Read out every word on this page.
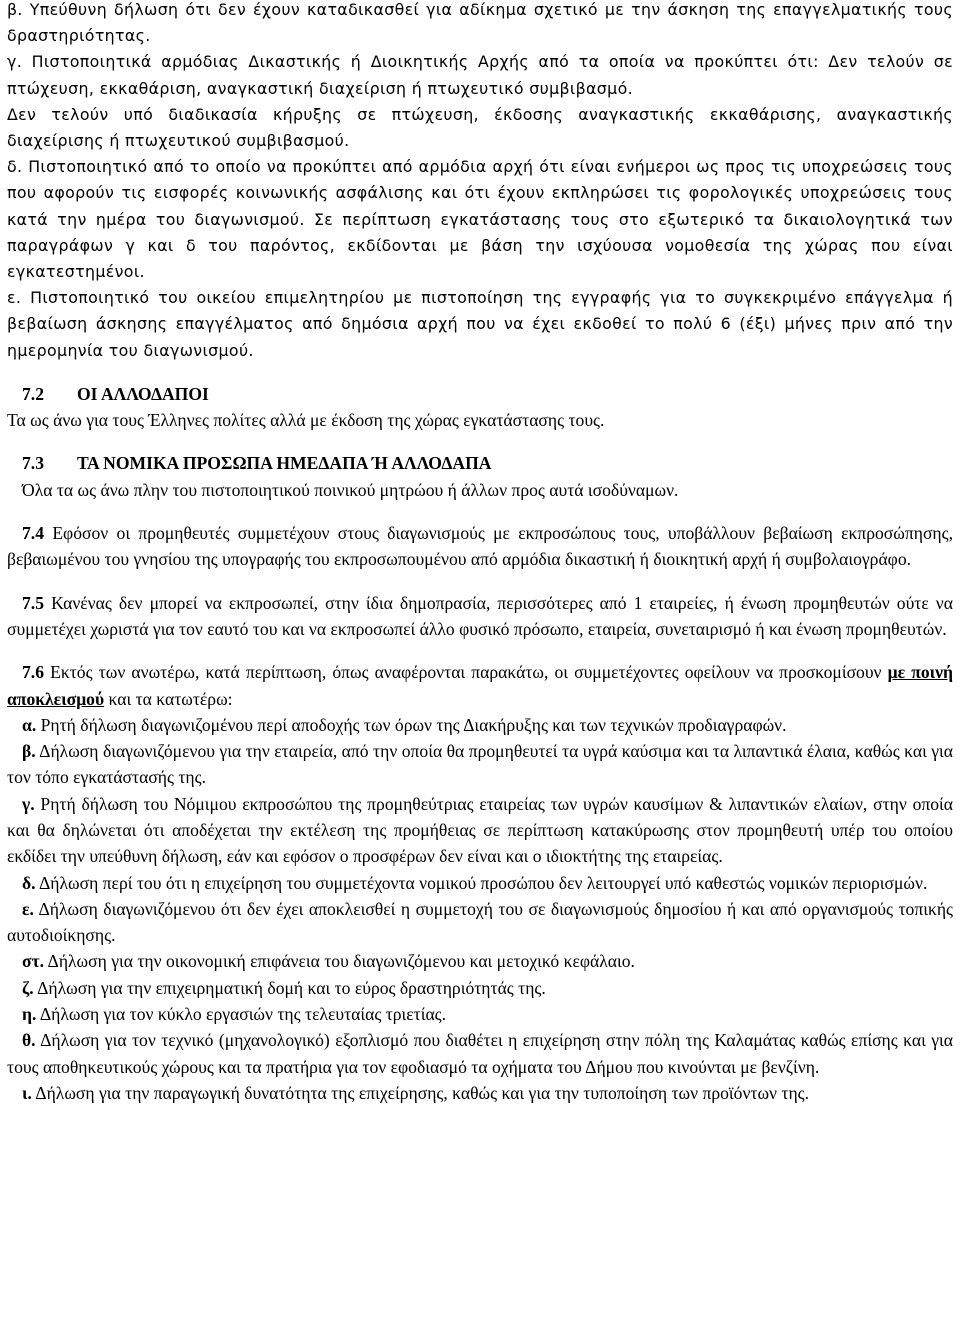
β. Υπεύθυνη δήλωση ότι δεν έχουν καταδικασθεί για αδίκημα σχετικό με την άσκηση της επαγγελματικής τους δραστηριότητας.

γ. Πιστοποιητικά αρμόδιας Δικαστικής ή Διοικητικής Αρχής από τα οποία να προκύπτει ότι: Δεν τελούν σε πτώχευση, εκκαθάριση, αναγκαστική διαχείριση ή πτωχευτικό συμβιβασμό.

Δεν τελούν υπό διαδικασία κήρυξης σε πτώχευση, έκδοσης αναγκαστικής εκκαθάρισης, αναγκαστικής διαχείρισης ή πτωχευτικού συμβιβασμού.

δ. Πιστοποιητικό από το οποίο να προκύπτει από αρμόδια αρχή ότι είναι ενήμεροι ως προς τις υποχρεώσεις τους που αφορούν τις εισφορές κοινωνικής ασφάλισης και ότι έχουν εκπληρώσει τις φορολογικές υποχρεώσεις τους κατά την ημέρα του διαγωνισμού. Σε περίπτωση εγκατάστασης τους στο εξωτερικό τα δικαιολογητικά των παραγράφων γ και δ του παρόντος, εκδίδονται με βάση την ισχύουσα νομοθεσία της χώρας που είναι εγκατεστημένοι.

ε. Πιστοποιητικό του οικείου επιμελητηρίου με πιστοποίηση της εγγραφής για το συγκεκριμένο επάγγελμα ή βεβαίωση άσκησης επαγγέλματος από δημόσια αρχή που να έχει εκδοθεί το πολύ 6 (έξι) μήνες πριν από την ημερομηνία του διαγωνισμού.

7.2 ΟΙ ΑΛΛΟΔΑΠΟΙ

Τα ως άνω για τους Έλληνες πολίτες αλλά με έκδοση της χώρας εγκατάστασης τους.

7.3 ΤΑ ΝΟΜΙΚΑ ΠΡΟΣΩΠΑ ΗΜΕΔΑΠΑ Ή ΑΛΛΟΔΑΠΑ

Όλα τα ως άνω πλην του πιστοποιητικού ποινικού μητρώου ή άλλων προς αυτά ισοδύναμων.

7.4 Εφόσον οι προμηθευτές συμμετέχουν στους διαγωνισμούς με εκπροσώπους τους, υποβάλλουν βεβαίωση εκπροσώπησης, βεβαιωμένου του γνησίου της υπογραφής του εκπροσωπουμένου από αρμόδια δικαστική ή διοικητική αρχή ή συμβολαιογράφο.

7.5 Κανένας δεν μπορεί να εκπροσωπεί, στην ίδια δημοπρασία, περισσότερες από 1 εταιρείες, ή ένωση προμηθευτών ούτε να συμμετέχει χωριστά για τον εαυτό του και να εκπροσωπεί άλλο φυσικό πρόσωπο, εταιρεία, συνεταιρισμό ή και ένωση προμηθευτών.

7.6 Εκτός των ανωτέρω, κατά περίπτωση, όπως αναφέρονται παρακάτω, οι συμμετέχοντες οφείλουν να προσκομίσουν με ποινή αποκλεισμού και τα κατωτέρω:

α. Ρητή δήλωση διαγωνιζομένου περί αποδοχής των όρων της Διακήρυξης και των τεχνικών προδιαγραφών.

β. Δήλωση διαγωνιζόμενου για την εταιρεία, από την οποία θα προμηθευτεί τα υγρά καύσιμα και τα λιπαντικά έλαια, καθώς και για τον τόπο εγκατάστασής της.

γ. Ρητή δήλωση του Νόμιμου εκπροσώπου της προμηθεύτριας εταιρείας των υγρών καυσίμων & λιπαντικών ελαίων, στην οποία και θα δηλώνεται ότι αποδέχεται την εκτέλεση της προμήθειας σε περίπτωση κατακύρωσης στον προμηθευτή υπέρ του οποίου εκδίδει την υπεύθυνη δήλωση, εάν και εφόσον ο προσφέρων δεν είναι και ο ιδιοκτήτης της εταιρείας.

δ. Δήλωση περί του ότι η επιχείρηση του συμμετέχοντα νομικού προσώπου δεν λειτουργεί υπό καθεστώς νομικών περιορισμών.

ε. Δήλωση διαγωνιζόμενου ότι δεν έχει αποκλεισθεί η συμμετοχή του σε διαγωνισμούς δημοσίου ή και από οργανισμούς τοπικής αυτοδιοίκησης.

στ. Δήλωση για την οικονομική επιφάνεια του διαγωνιζόμενου και μετοχικό κεφάλαιο.

ζ. Δήλωση για την επιχειρηματική δομή και το εύρος δραστηριότητάς της.

η. Δήλωση για τον κύκλο εργασιών της τελευταίας τριετίας.

θ. Δήλωση για τον τεχνικό (μηχανολογικό) εξοπλισμό που διαθέτει η επιχείρηση στην πόλη της Καλαμάτας καθώς επίσης και για τους αποθηκευτικούς χώρους και τα πρατήρια για τον εφοδιασμό τα οχήματα του Δήμου που κινούνται με βενζίνη.

ι. Δήλωση για την παραγωγική δυνατότητα της επιχείρησης, καθώς και για την τυποποίηση των προϊόντων της.
